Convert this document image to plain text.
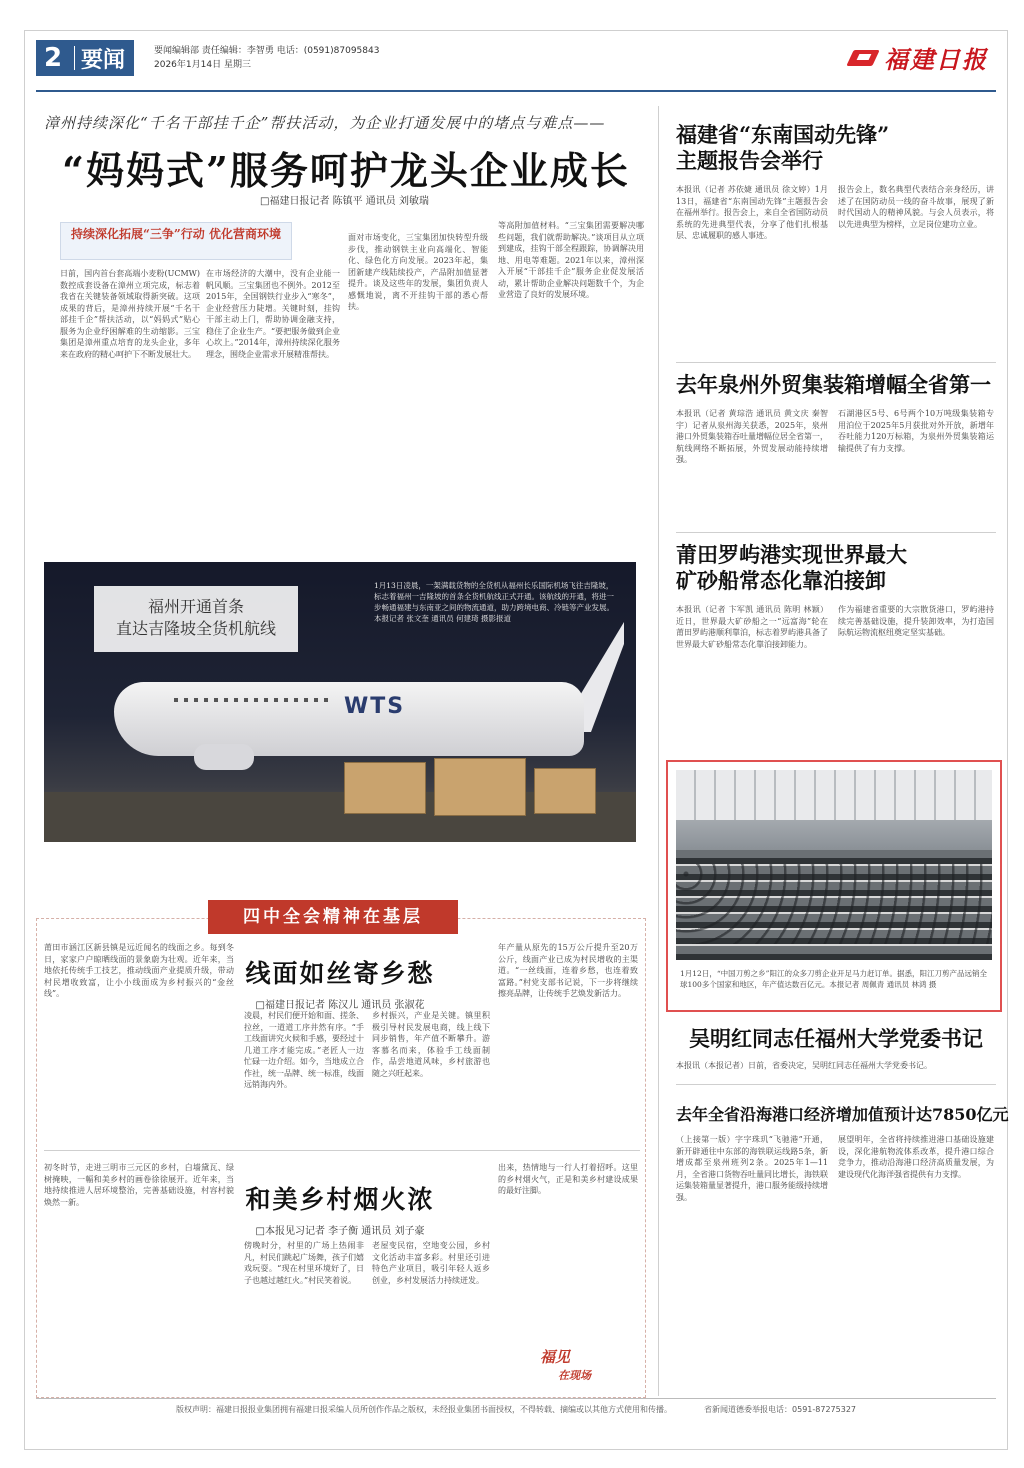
2 要闻	要闻编辑部 责任编辑：李智勇 电话：(0591)87095843
2026年1月14日 星期三	福建日报
漳州持续深化“千名干部挂千企”帮扶活动，为企业打通发展中的堵点与难点——
“妈妈式”服务呵护龙头企业成长
□福建日报记者 陈镇平 通讯员 刘敏瑞
持续深化拓展“三争”行动 优化营商环境
日前，国内首台套高端小麦粉(UCMW)数控成套设备在漳州立项完成，标志着我省在关键装备领域取得新突破。这项成果的背后，是漳州持续开展“千名干部挂千企”帮扶活动，以“妈妈式”贴心服务为企业纾困解难的生动缩影。三宝集团是漳州重点培育的龙头企业，多年来在政府的精心呵护下不断发展壮大。
在市场经济的大潮中，没有企业能一帆风顺。三宝集团也不例外。2012至2015年，全国钢铁行业步入“寒冬”，企业经营压力陡增。关键时刻，挂钩干部主动上门，帮助协调金融支持，稳住了企业生产。“要把服务做到企业心坎上。”2014年，漳州持续深化服务理念，围绕企业需求开展精准帮扶。
面对市场变化，三宝集团加快转型升级步伐，推动钢铁主业向高端化、智能化、绿色化方向发展。2023年起，集团新建产线陆续投产，产品附加值显著提升。谈及这些年的发展，集团负责人感慨地说，离不开挂钩干部的悉心帮扶。
等高附加值材料。“三宝集团需要解决哪些问题，我们就帮助解决。”谈项目从立项到建成，挂钩干部全程跟踪，协调解决用地、用电等难题。2021年以来，漳州深入开展“干部挂千企”服务企业促发展活动，累计帮助企业解决问题数千个，为企业营造了良好的发展环境。
WTS
福州开通首条
直达吉隆坡全货机航线
1月13日凌晨，一架满载货物的全货机从福州长乐国际机场飞往吉隆坡，标志着福州一吉隆坡的首条全货机航线正式开通。该航线的开通，将进一步畅通福建与东南亚之间的物流通道，助力跨境电商、冷链等产业发展。本报记者 张文奎 通讯员 何建琦 摄影报道
四中全会精神在基层
莆田市涵江区新县镇是远近闻名的线面之乡。每到冬日，家家户户晾晒线面的景象蔚为壮观。近年来，当地依托传统手工技艺，推动线面产业提质升级，带动村民增收致富，让小小线面成为乡村振兴的“金丝线”。
线面如丝寄乡愁
□福建日报记者 陈汉儿 通讯员 张淑花
凌晨，村民们便开始和面、搓条、拉丝，一道道工序井然有序。“手工线面讲究火候和手感，要经过十几道工序才能完成。”老匠人一边忙碌一边介绍。如今，当地成立合作社，统一品牌、统一标准，线面远销海内外。
乡村振兴，产业是关键。镇里积极引导村民发展电商，线上线下同步销售，年产值不断攀升。游客慕名而来，体验手工线面制作，品尝地道风味，乡村旅游也随之兴旺起来。
年产量从原先的15万公斤提升至20万公斤，线面产业已成为村民增收的主渠道。“一丝线面，连着乡愁，也连着致富路。”村党支部书记说，下一步将继续擦亮品牌，让传统手艺焕发新活力。
初冬时节，走进三明市三元区的乡村，白墙黛瓦、绿树掩映，一幅和美乡村的画卷徐徐展开。近年来，当地持续推进人居环境整治，完善基础设施，村容村貌焕然一新。	和美乡村烟火浓
□本报见习记者 李子衡 通讯员 刘子豪
傍晚时分，村里的广场上热闹非凡，村民们跳起广场舞，孩子们嬉戏玩耍。“现在村里环境好了，日子也越过越红火。”村民笑着说。
老屋变民宿，空地变公园，乡村文化活动丰富多彩。村里还引进特色产业项目，吸引年轻人返乡创业，乡村发展活力持续迸发。
出来，热情地与一行人打着招呼。这里的乡村烟火气，正是和美乡村建设成果的最好注脚。
福见
在现场
福建省“东南国动先锋”
主题报告会举行
本报讯（记者 苏依婕 通讯员 徐文婷）1月13日，福建省“东南国动先锋”主题报告会在福州举行。报告会上，来自全省国防动员系统的先进典型代表，分享了他们扎根基层、忠诚履职的感人事迹。
报告会上，数名典型代表结合亲身经历，讲述了在国防动员一线的奋斗故事，展现了新时代国动人的精神风貌。与会人员表示，将以先进典型为榜样，立足岗位建功立业。
去年泉州外贸集装箱增幅全省第一
本报讯（记者 黄琮浩 通讯员 黄文庆 秦智宇）记者从泉州海关获悉，2025年，泉州港口外贸集装箱吞吐量增幅位居全省第一，航线网络不断拓展，外贸发展动能持续增强。
石湖港区5号、6号两个10万吨级集装箱专用泊位于2025年5月获批对外开放，新增年吞吐能力120万标箱，为泉州外贸集装箱运输提供了有力支撑。
莆田罗屿港实现世界最大
矿砂船常态化靠泊接卸
本报讯（记者 卞军凯 通讯员 陈明 林颖）近日，世界最大矿砂船之一“远富海”轮在莆田罗屿港顺利靠泊，标志着罗屿港具备了世界最大矿砂船常态化靠泊接卸能力。
作为福建省重要的大宗散货港口，罗屿港持续完善基础设施，提升装卸效率，为打造国际航运物流枢纽奠定坚实基础。
1月12日，“中国刀剪之乡”阳江的众多刀剪企业开足马力赶订单。据悉，阳江刀剪产品远销全球100多个国家和地区，年产值达数百亿元。本报记者 周佩青 通讯员 林鸿 摄
吴明红同志任福州大学党委书记
本报讯（本报记者）日前，省委决定，吴明红同志任福州大学党委书记。
去年全省沿海港口经济增加值预计达7850亿元
（上接第一版）字字珠玑“飞驰港”开通，新开辟通往中东部的海铁联运线路5条，新增成都至泉州班列2条。2025年1—11月，全省港口货物吞吐量同比增长，海铁联运集装箱量显著提升，港口服务能级持续增强。
展望明年，全省将持续推进港口基础设施建设，深化港航物流体系改革，提升港口综合竞争力，推动沿海港口经济高质量发展，为建设现代化海洋强省提供有力支撑。
版权声明：福建日报报业集团拥有福建日报采编人员所创作作品之版权，未经报业集团书面授权，不得转载、摘编或以其他方式使用和传播。	省新闻道德委举报电话：0591-87275327
